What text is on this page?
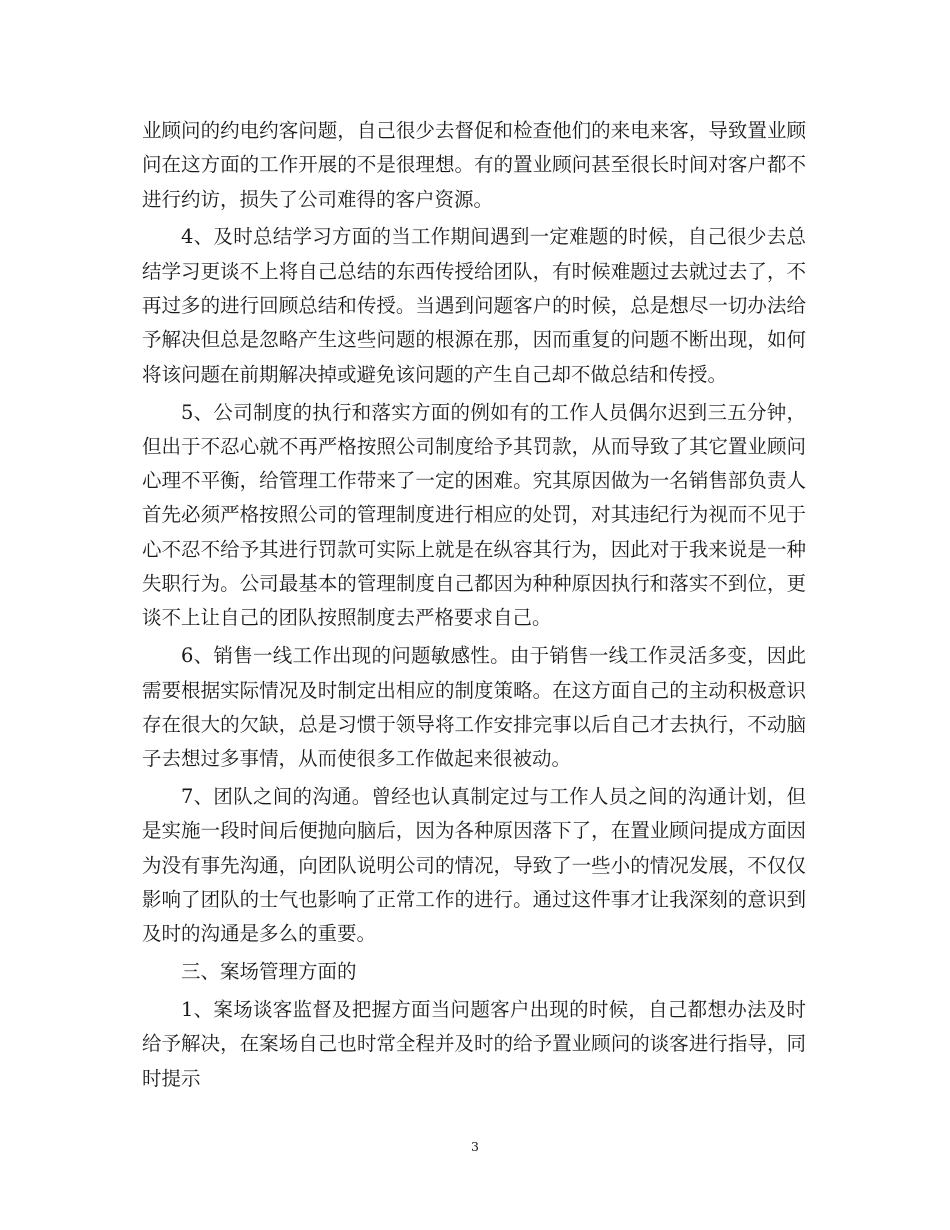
业顾问的约电约客问题，自己很少去督促和检查他们的来电来客，导致置业顾问在这方面的工作开展的不是很理想。有的置业顾问甚至很长时间对客户都不进行约访，损失了公司难得的客户资源。

4、及时总结学习方面的当工作期间遇到一定难题的时候，自己很少去总结学习更谈不上将自己总结的东西传授给团队，有时候难题过去就过去了，不再过多的进行回顾总结和传授。当遇到问题客户的时候，总是想尽一切办法给予解决但总是忽略产生这些问题的根源在那，因而重复的问题不断出现，如何将该问题在前期解决掉或避免该问题的产生自己却不做总结和传授。

5、公司制度的执行和落实方面的例如有的工作人员偶尔迟到三五分钟，但出于不忍心就不再严格按照公司制度给予其罚款，从而导致了其它置业顾问心理不平衡，给管理工作带来了一定的困难。究其原因做为一名销售部负责人首先必须严格按照公司的管理制度进行相应的处罚，对其违纪行为视而不见于心不忍不给予其进行罚款可实际上就是在纵容其行为，因此对于我来说是一种失职行为。公司最基本的管理制度自己都因为种种原因执行和落实不到位，更谈不上让自己的团队按照制度去严格要求自己。

6、销售一线工作出现的问题敏感性。由于销售一线工作灵活多变，因此需要根据实际情况及时制定出相应的制度策略。在这方面自己的主动积极意识存在很大的欠缺，总是习惯于领导将工作安排完事以后自己才去执行，不动脑子去想过多事情，从而使很多工作做起来很被动。

7、团队之间的沟通。曾经也认真制定过与工作人员之间的沟通计划，但是实施一段时间后便抛向脑后，因为各种原因落下了，在置业顾问提成方面因为没有事先沟通，向团队说明公司的情况，导致了一些小的情况发展，不仅仅影响了团队的士气也影响了正常工作的进行。通过这件事才让我深刻的意识到及时的沟通是多么的重要。

三、案场管理方面的

1、案场谈客监督及把握方面当问题客户出现的时候，自己都想办法及时给予解决，在案场自己也时常全程并及时的给予置业顾问的谈客进行指导，同时提示

3
